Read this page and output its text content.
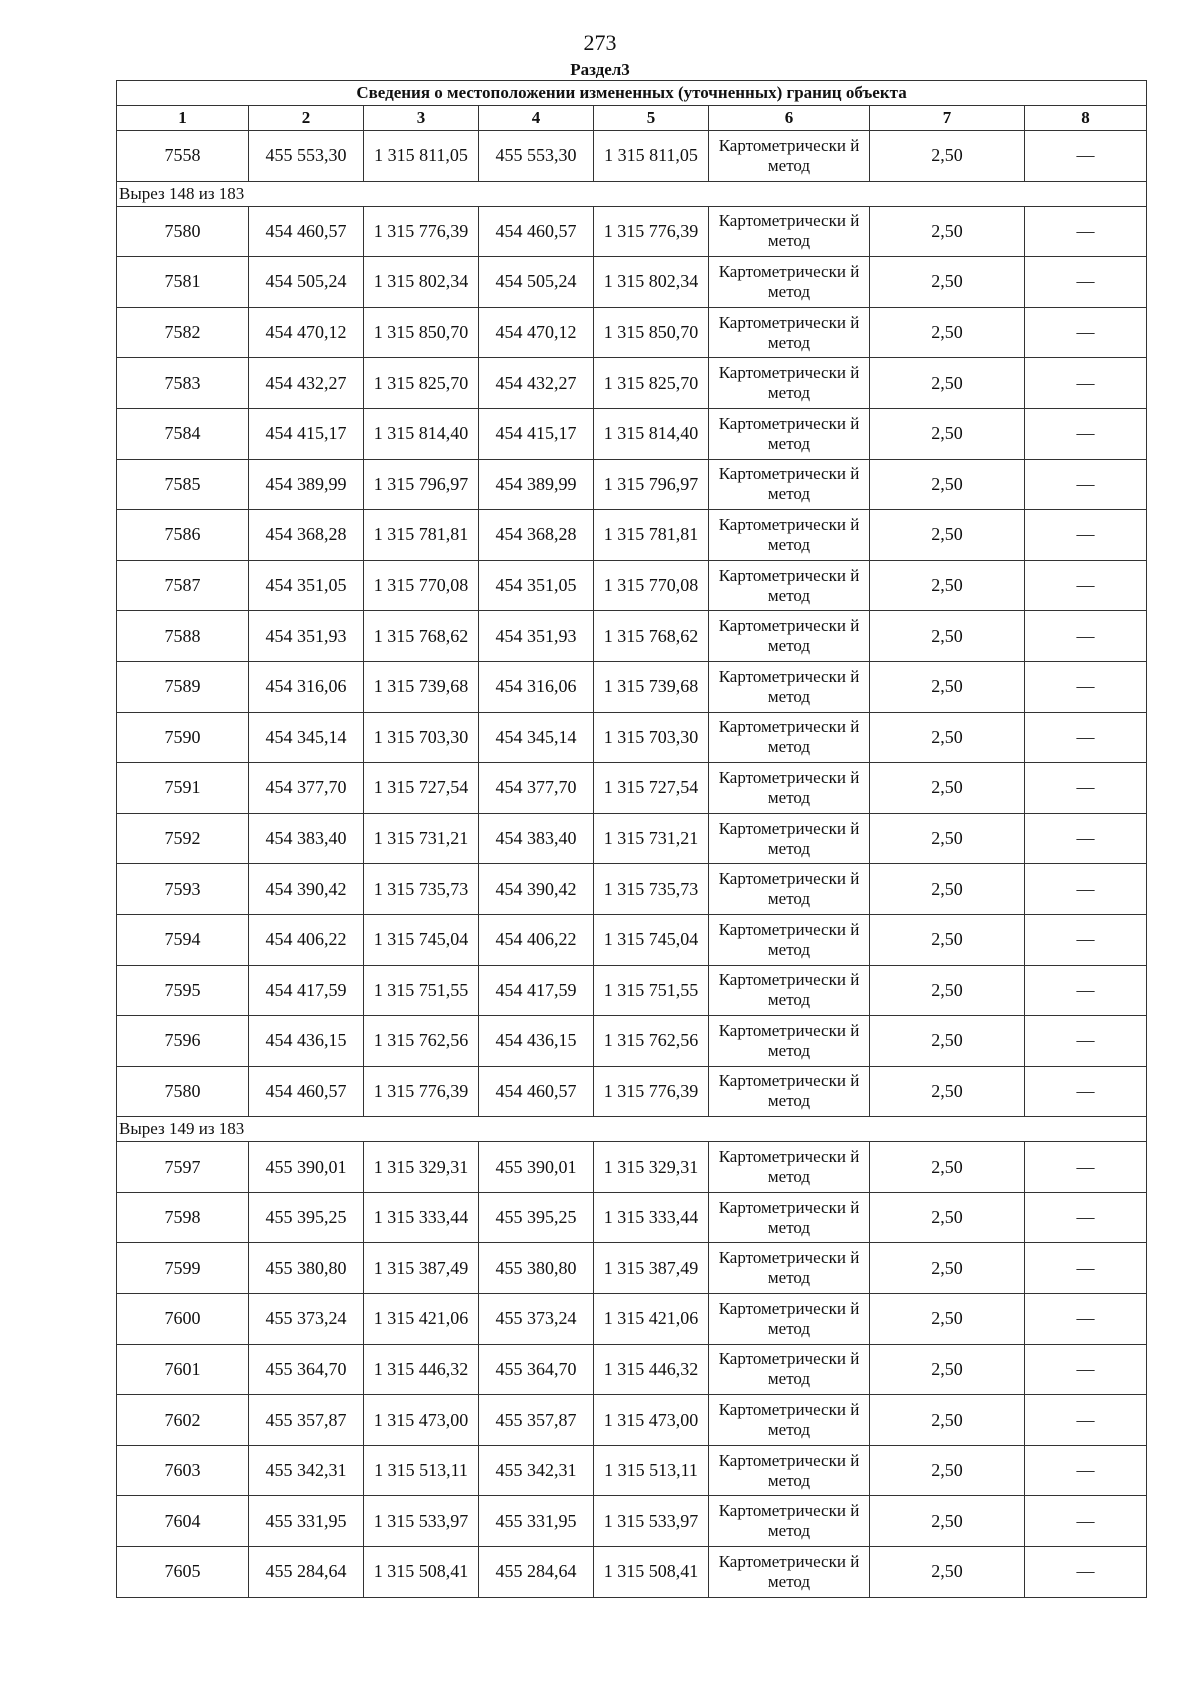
273
Раздел3
Сведения о местоположении измененных (уточненных) границ объекта							
1	2	3	4	5	6	7	8
7558	455 553,30	1 315 811,05	455 553,30	1 315 811,05	Картометрически й метод	2,50	—
Вырез 148 из 183							
7580	454 460,57	1 315 776,39	454 460,57	1 315 776,39	Картометрически й метод	2,50	—
7581	454 505,24	1 315 802,34	454 505,24	1 315 802,34	Картометрически й метод	2,50	—
7582	454 470,12	1 315 850,70	454 470,12	1 315 850,70	Картометрически й метод	2,50	—
7583	454 432,27	1 315 825,70	454 432,27	1 315 825,70	Картометрически й метод	2,50	—
7584	454 415,17	1 315 814,40	454 415,17	1 315 814,40	Картометрически й метод	2,50	—
7585	454 389,99	1 315 796,97	454 389,99	1 315 796,97	Картометрически й метод	2,50	—
7586	454 368,28	1 315 781,81	454 368,28	1 315 781,81	Картометрически й метод	2,50	—
7587	454 351,05	1 315 770,08	454 351,05	1 315 770,08	Картометрически й метод	2,50	—
7588	454 351,93	1 315 768,62	454 351,93	1 315 768,62	Картометрически й метод	2,50	—
7589	454 316,06	1 315 739,68	454 316,06	1 315 739,68	Картометрически й метод	2,50	—
7590	454 345,14	1 315 703,30	454 345,14	1 315 703,30	Картометрически й метод	2,50	—
7591	454 377,70	1 315 727,54	454 377,70	1 315 727,54	Картометрически й метод	2,50	—
7592	454 383,40	1 315 731,21	454 383,40	1 315 731,21	Картометрически й метод	2,50	—
7593	454 390,42	1 315 735,73	454 390,42	1 315 735,73	Картометрически й метод	2,50	—
7594	454 406,22	1 315 745,04	454 406,22	1 315 745,04	Картометрически й метод	2,50	—
7595	454 417,59	1 315 751,55	454 417,59	1 315 751,55	Картометрически й метод	2,50	—
7596	454 436,15	1 315 762,56	454 436,15	1 315 762,56	Картометрически й метод	2,50	—
7580	454 460,57	1 315 776,39	454 460,57	1 315 776,39	Картометрически й метод	2,50	—
Вырез 149 из 183							
7597	455 390,01	1 315 329,31	455 390,01	1 315 329,31	Картометрически й метод	2,50	—
7598	455 395,25	1 315 333,44	455 395,25	1 315 333,44	Картометрически й метод	2,50	—
7599	455 380,80	1 315 387,49	455 380,80	1 315 387,49	Картометрически й метод	2,50	—
7600	455 373,24	1 315 421,06	455 373,24	1 315 421,06	Картометрически й метод	2,50	—
7601	455 364,70	1 315 446,32	455 364,70	1 315 446,32	Картометрически й метод	2,50	—
7602	455 357,87	1 315 473,00	455 357,87	1 315 473,00	Картометрически й метод	2,50	—
7603	455 342,31	1 315 513,11	455 342,31	1 315 513,11	Картометрически й метод	2,50	—
7604	455 331,95	1 315 533,97	455 331,95	1 315 533,97	Картометрически й метод	2,50	—
7605	455 284,64	1 315 508,41	455 284,64	1 315 508,41	Картометрически й метод	2,50	—
